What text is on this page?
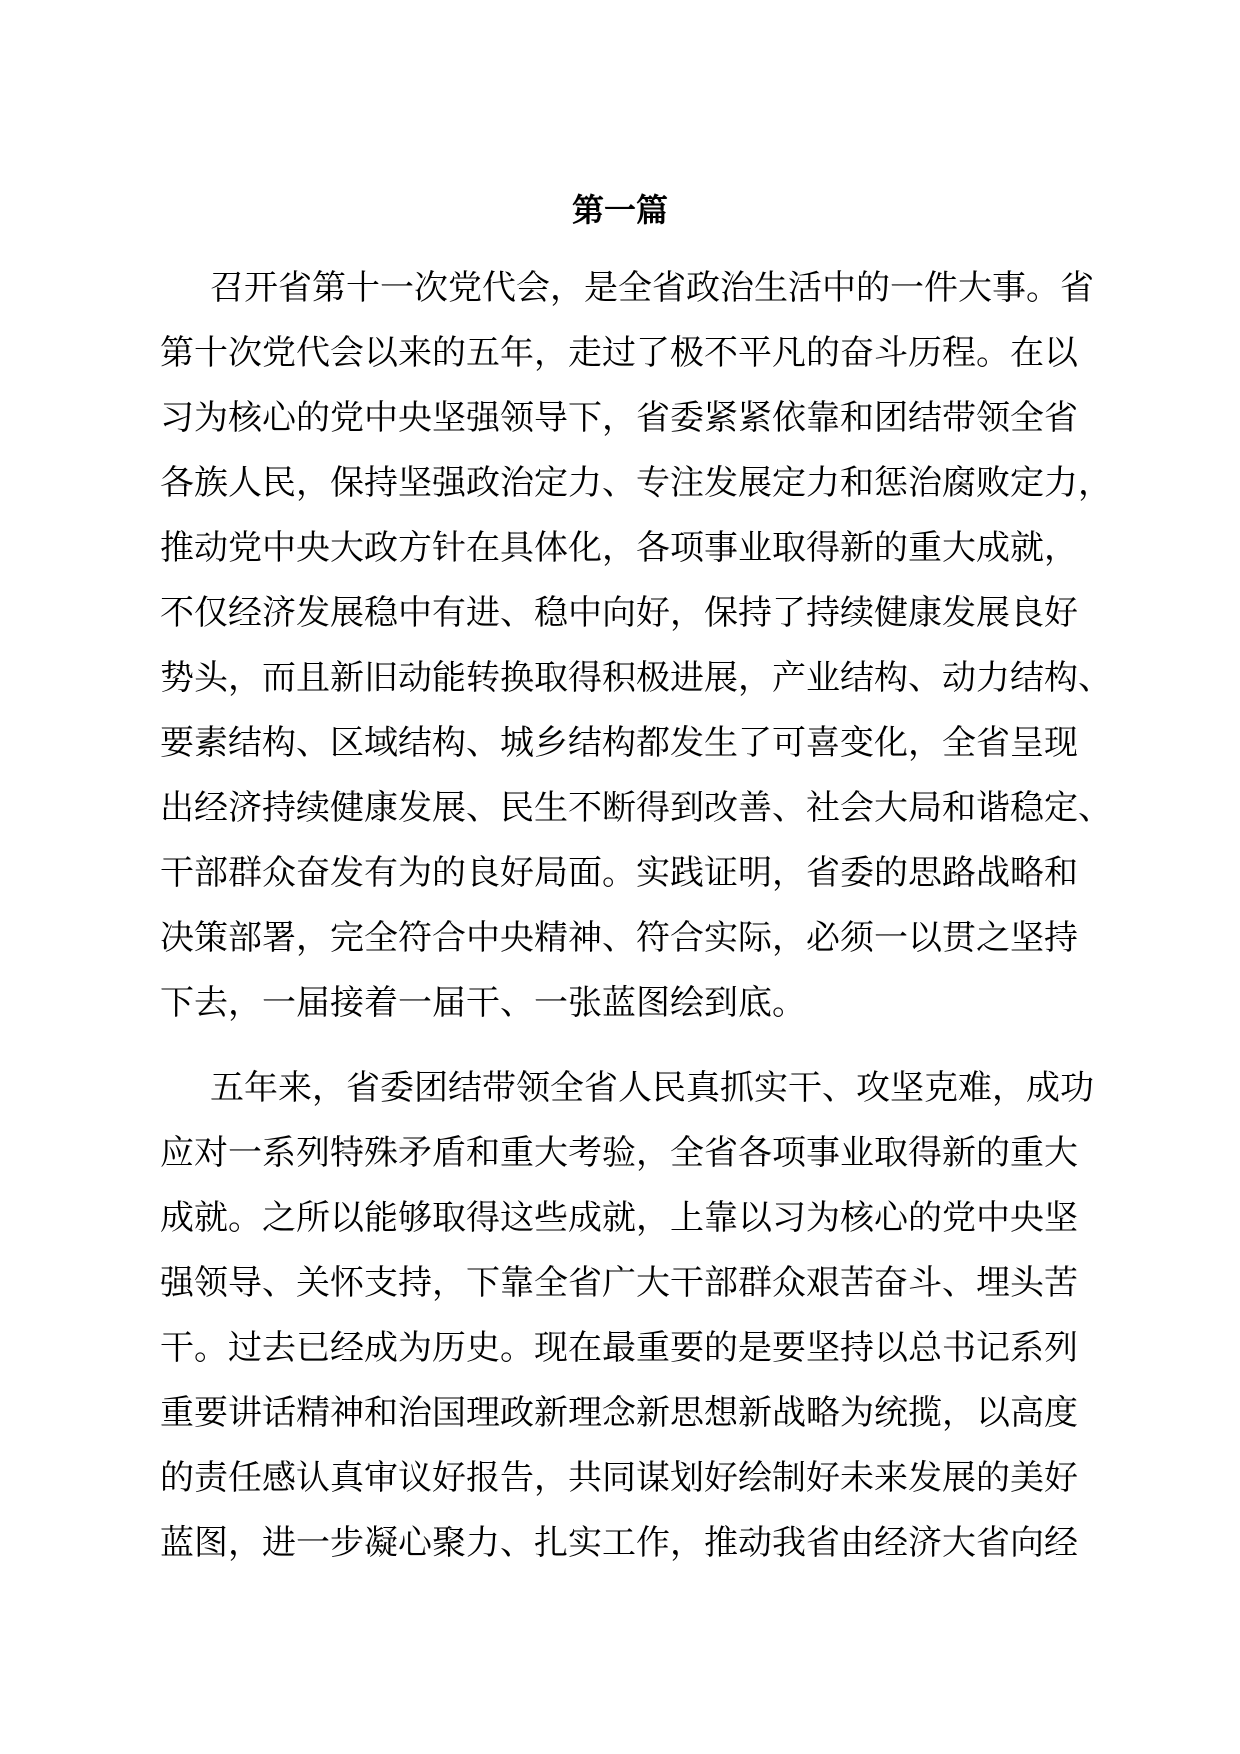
第一篇
召开省第十一次党代会，是全省政治生活中的一件大事。省
第十次党代会以来的五年，走过了极不平凡的奋斗历程。在以
习为核心的党中央坚强领导下，省委紧紧依靠和团结带领全省
各族人民，保持坚强政治定力、专注发展定力和惩治腐败定力，
推动党中央大政方针在具体化，各项事业取得新的重大成就，
不仅经济发展稳中有进、稳中向好，保持了持续健康发展良好
势头，而且新旧动能转换取得积极进展，产业结构、动力结构、
要素结构、区域结构、城乡结构都发生了可喜变化，全省呈现
出经济持续健康发展、民生不断得到改善、社会大局和谐稳定、
干部群众奋发有为的良好局面。实践证明，省委的思路战略和
决策部署，完全符合中央精神、符合实际，必须一以贯之坚持
下去，一届接着一届干、一张蓝图绘到底。
五年来，省委团结带领全省人民真抓实干、攻坚克难，成功
应对一系列特殊矛盾和重大考验，全省各项事业取得新的重大
成就。之所以能够取得这些成就，上靠以习为核心的党中央坚
强领导、关怀支持，下靠全省广大干部群众艰苦奋斗、埋头苦
干。过去已经成为历史。现在最重要的是要坚持以总书记系列
重要讲话精神和治国理政新理念新思想新战略为统揽，以高度
的责任感认真审议好报告，共同谋划好绘制好未来发展的美好
蓝图，进一步凝心聚力、扎实工作，推动我省由经济大省向经
